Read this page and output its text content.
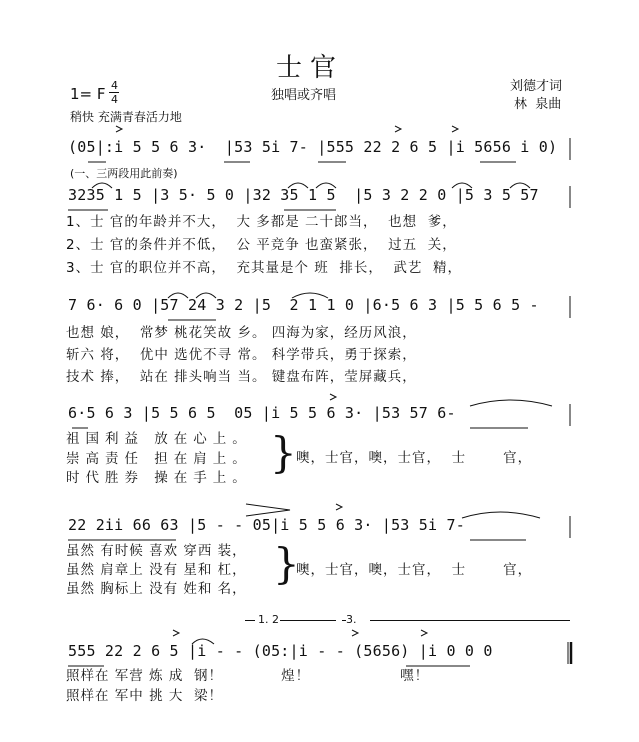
士官
独唱或齐唱
刘德才词
林  泉曲
1= F 4
4
稍快 充满青春活力地
(05|:i 5 5 6 3·  |53 5i 7- |555 22 2 6 5 |i 5656 i 0)
(一、三两段用此前奏)
3235 1 5 |3 5· 5 0 |32 35 1 5  |5 3 2 2 0 |5 3 5 57
1、士 官的年龄并不大，  大 多都是 二十郎当，  也想  爹，
2、士 官的条件并不低，  公 平竞争 也蛮紧张，  过五  关，
3、士 官的职位并不高，  充其量是个 班  排长，  武艺  精，
7 6· 6 0 |57 24 3 2 |5  2 1 1 0 |6·5 6 3 |5 5 6 5 -
也想 娘，  常梦 桃花笑故 乡。 四海为家，经历风浪，
斩六 将，  优中 选优不寻 常。 科学带兵，勇于探索，
技术 捧，  站在 排头响当 当。 键盘布阵，莹屏藏兵，
6·5 6 3 |5 5 6 5  05 |i 5 5 6 3· |53 57 6-
祖国利益 放在心上。
崇高责任 担在肩上。
时代胜券 操在手上。
} 噢，士官，噢，士官，  士       官，
22 2ii 66 63 |5 - - 05|i 5 5 6 3· |53 5i 7-
虽然 有时候 喜欢 穿西 装，
虽然 肩章上 没有 星和 杠，
虽然 胸标上 没有 姓和 名，
}
噢，士官，噢，士官，  士       官，
1. 2	3.
555 22 2 6 5 |i - - (05:|i - - (5656) |i 0 0 0
照样在 军营 炼 成  钢！           煌！                 嘿！
照样在 军中 挑 大  梁！
